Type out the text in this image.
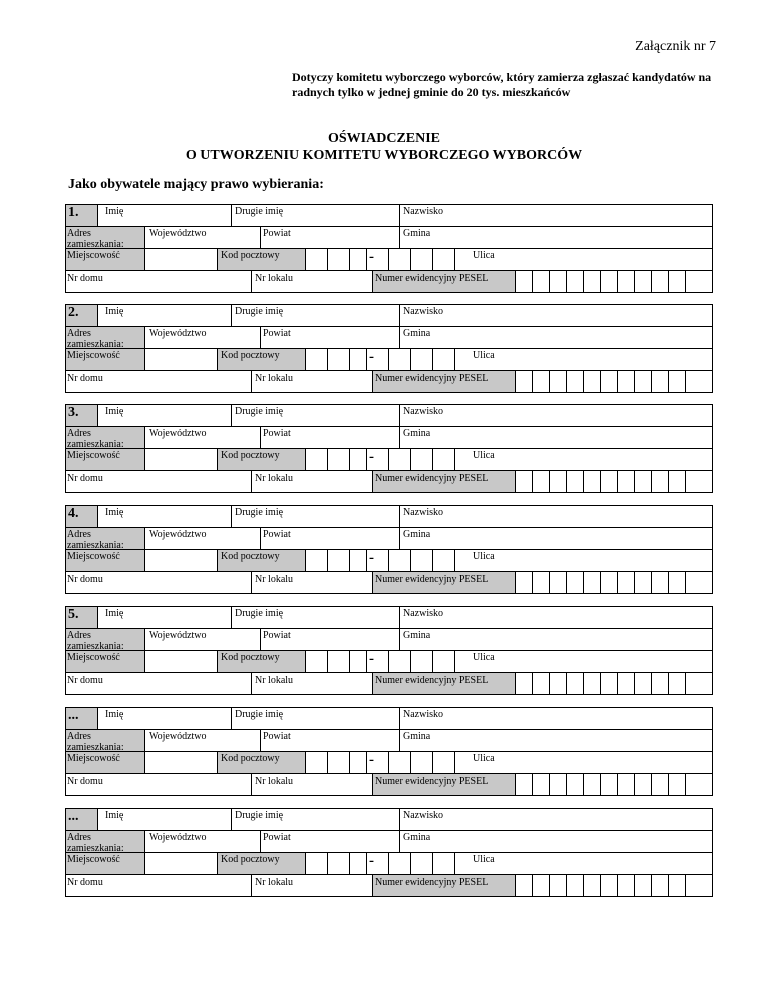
Załącznik nr 7
Dotyczy komitetu wyborczego wyborców, który zamierza zgłaszać kandydatów na radnych tylko w jednej gminie do 20 tys. mieszkańców
OŚWIADCZENIE
O UTWORZENIU KOMITETU WYBORCZEGO WYBORCÓW
Jako obywatele mający prawo wybierania:
1.	Imię	Drugie imię	Nazwisko
Adres zamieszkania:
Województwo	Powiat	Gmina
Miejscowość	Kod pocztowy	-	Ulica
Nr domu	Nr lokalu	Numer ewidencyjny PESEL
2.	Imię	Drugie imię	Nazwisko
Adres zamieszkania:
Województwo	Powiat	Gmina
Miejscowość	Kod pocztowy	-	Ulica
Nr domu	Nr lokalu	Numer ewidencyjny PESEL
3.	Imię	Drugie imię	Nazwisko
Adres zamieszkania:
Województwo	Powiat	Gmina
Miejscowość	Kod pocztowy	-	Ulica
Nr domu	Nr lokalu	Numer ewidencyjny PESEL
4.	Imię	Drugie imię	Nazwisko
Adres zamieszkania:
Województwo	Powiat	Gmina
Miejscowość	Kod pocztowy	-	Ulica
Nr domu	Nr lokalu	Numer ewidencyjny PESEL
5.	Imię	Drugie imię	Nazwisko
Adres zamieszkania:
Województwo	Powiat	Gmina
Miejscowość	Kod pocztowy	-	Ulica
Nr domu	Nr lokalu	Numer ewidencyjny PESEL
...	Imię	Drugie imię	Nazwisko
Adres zamieszkania:
Województwo	Powiat	Gmina
Miejscowość	Kod pocztowy	-	Ulica
Nr domu	Nr lokalu	Numer ewidencyjny PESEL
...	Imię	Drugie imię	Nazwisko
Adres zamieszkania:
Województwo	Powiat	Gmina
Miejscowość	Kod pocztowy	-	Ulica
Nr domu	Nr lokalu	Numer ewidencyjny PESEL
